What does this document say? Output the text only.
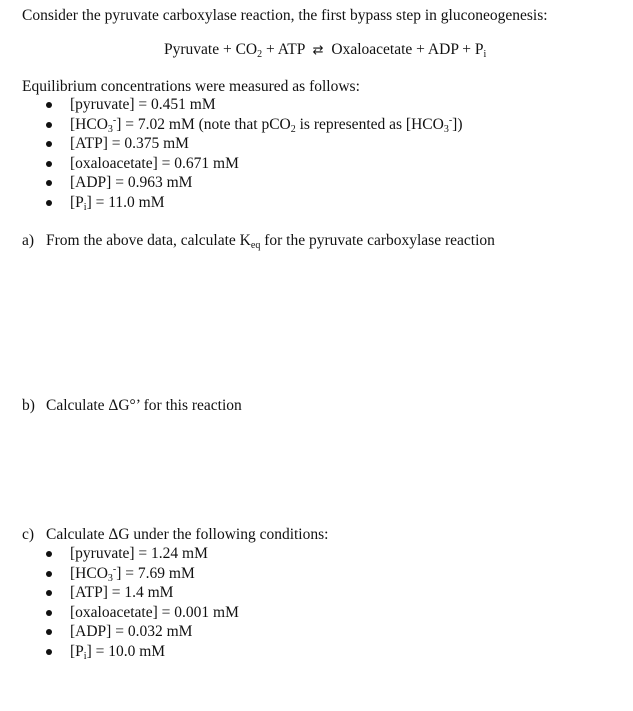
Consider the pyruvate carboxylase reaction, the first bypass step in gluconeogenesis:
Pyruvate + $CO_2$ + ATP ⇄ Oxaloacetate + ADP + $P_i$
Equilibrium concentrations were measured as follows:
[pyruvate] = 0.451 mM
$[HCO_3^-] = 7.02$ mM (note that pCO$_2$ is represented as $[HCO_3^-]$)
[ATP] = 0.375 mM
[oxaloacetate] = 0.671 mM
[ADP] = 0.963 mM
$[P_i] = 11.0$ mM
a) From the above data, calculate $K_{eq}$ for the pyruvate carboxylase reaction
b) Calculate ΔG°’ for this reaction
c) Calculate ΔG under the following conditions:
[pyruvate] = 1.24 mM
$[HCO_3^-] = 7.69$ mM
[ATP] = 1.4 mM
[oxaloacetate] = 0.001 mM
[ADP] = 0.032 mM
$[P_i] = 10.0$ mM
